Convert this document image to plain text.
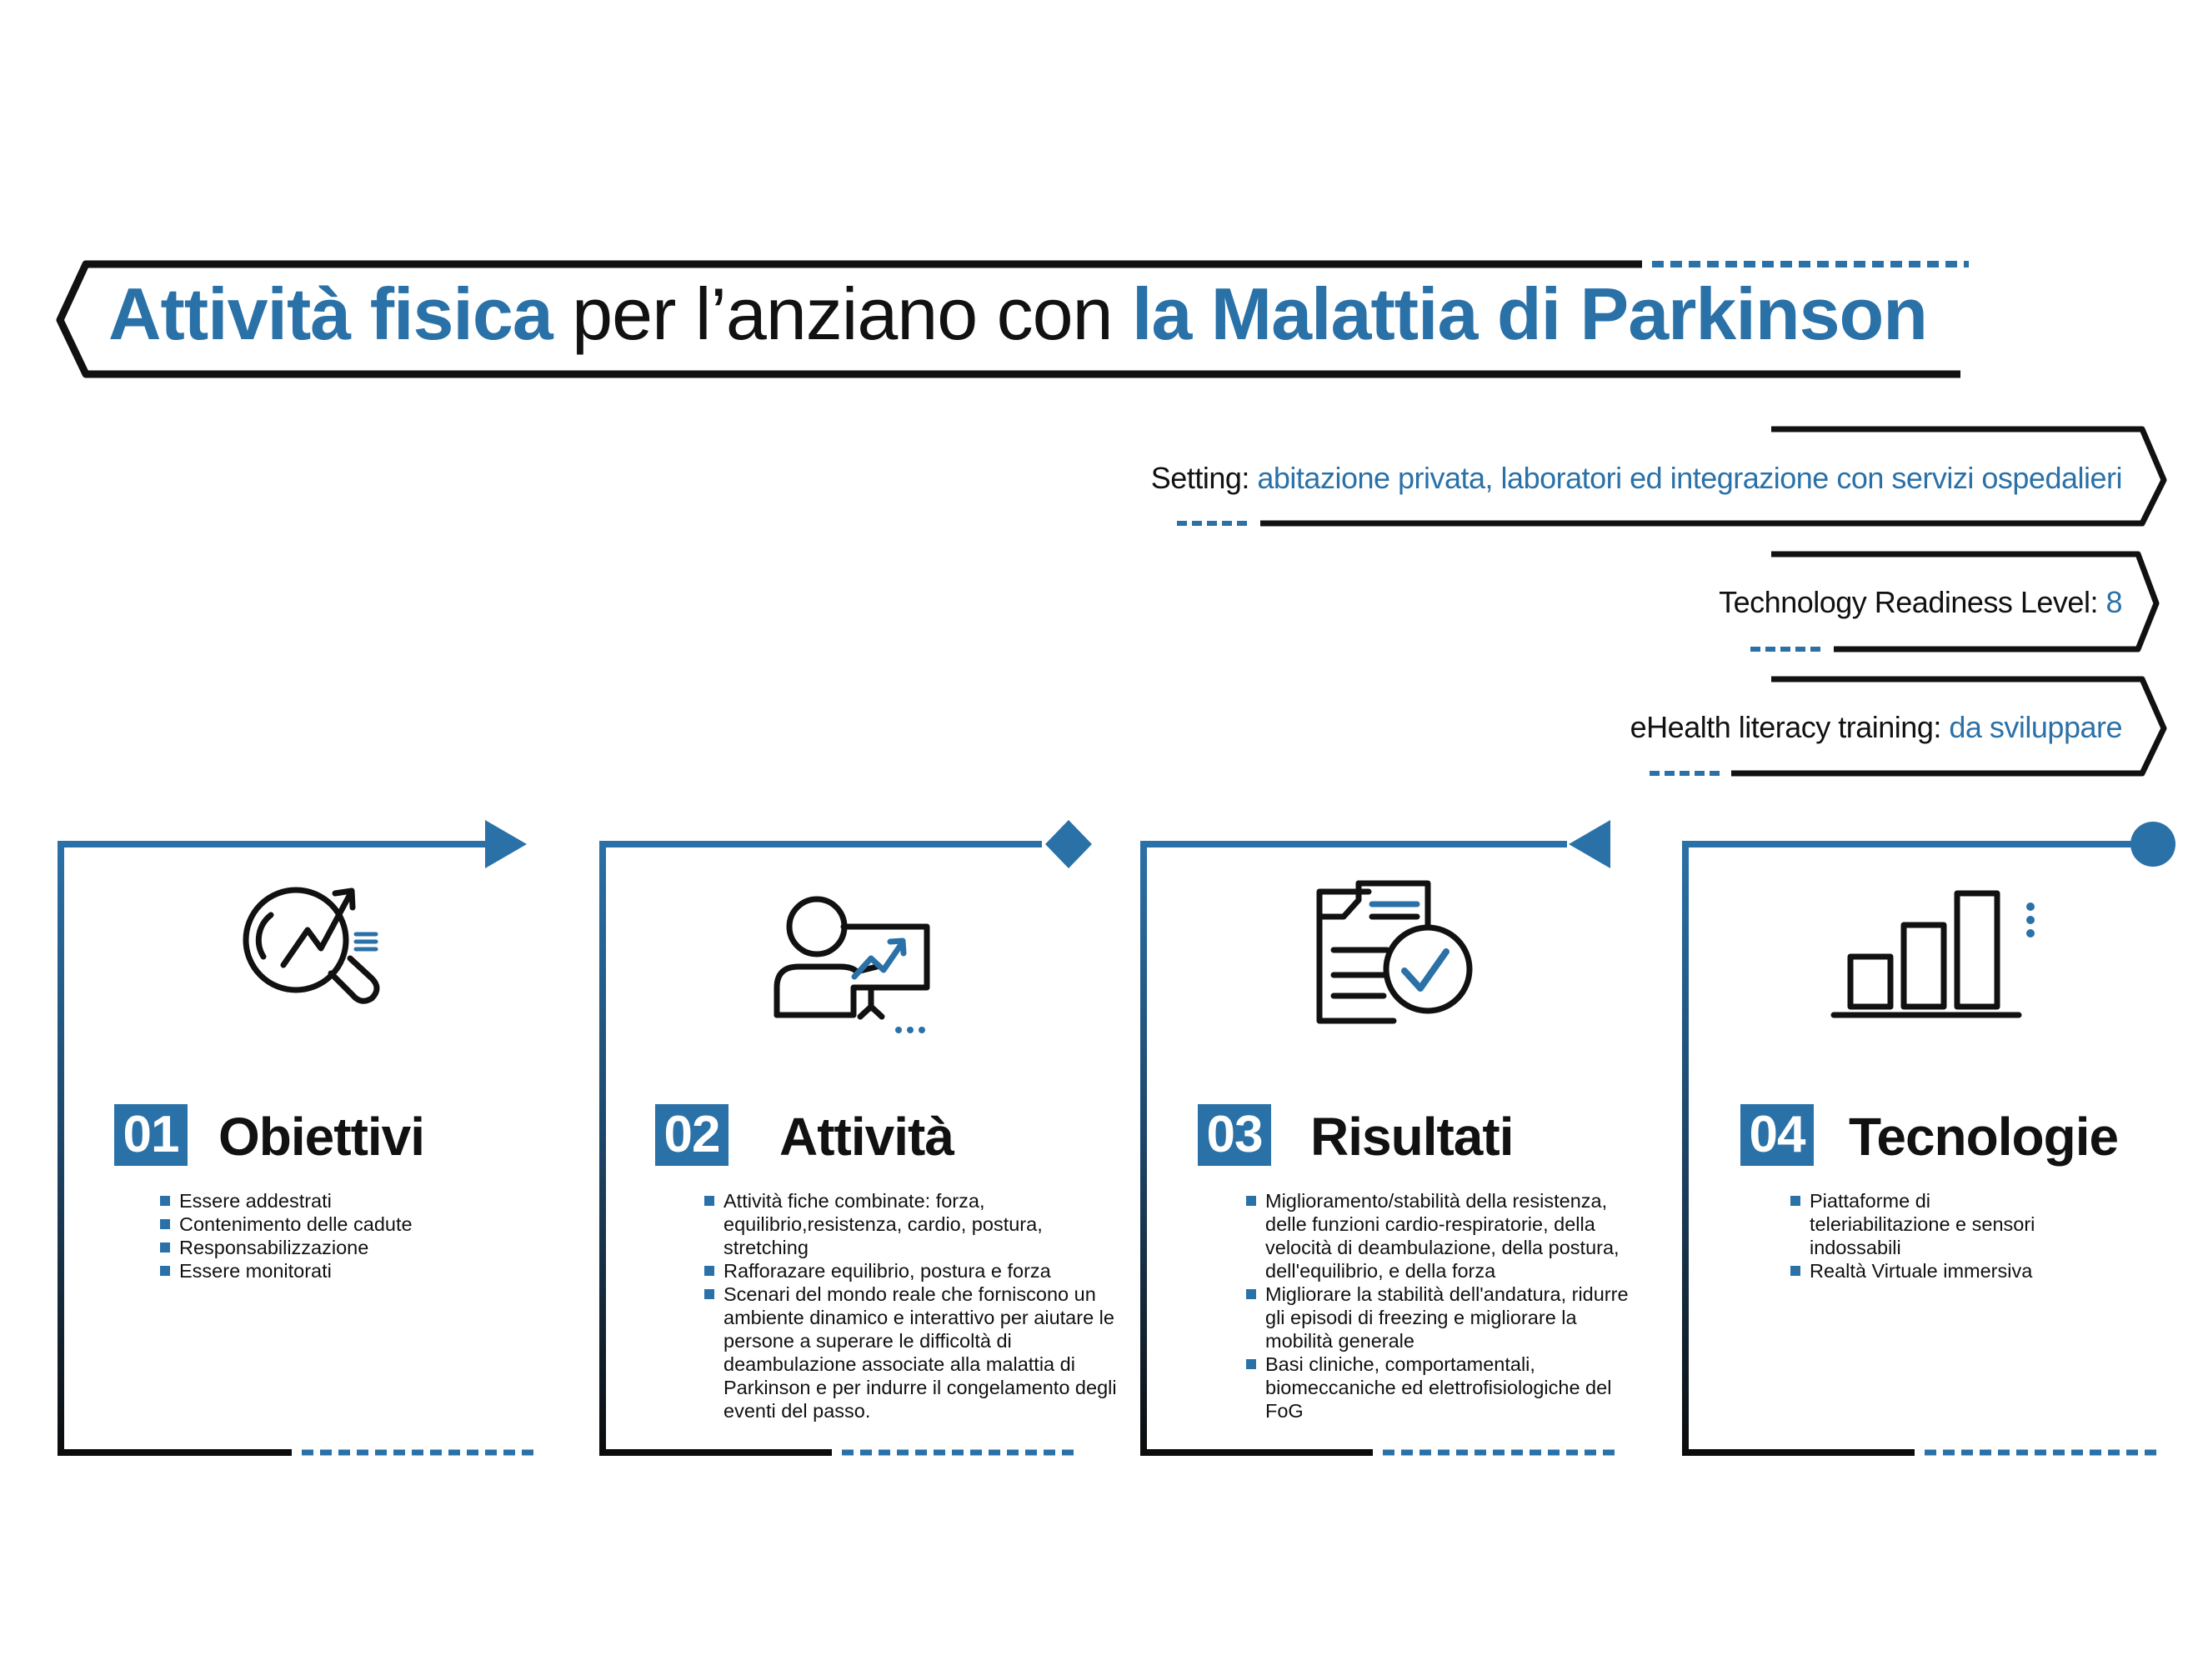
Attività fisica per l’anziano con la Malattia di Parkinson
Setting: abitazione privata, laboratori ed integrazione con servizi ospedalieri
Technology Readiness Level: 8
eHealth literacy training: da sviluppare
01 Obiettivi
Essere addestrati
Contenimento delle cadute
Responsabilizzazione
Essere monitorati
02 Attività
Attività fiche combinate: forza, equilibrio,resistenza, cardio, postura, stretching
Rafforazare equilibrio, postura e forza
Scenari del mondo reale che forniscono un ambiente dinamico e interattivo per aiutare le persone a superare le difficoltà di deambulazione associate alla malattia di Parkinson e per indurre il congelamento degli eventi del passo.
03 Risultati
Miglioramento/stabilità della resistenza, delle funzioni cardio-respiratorie, della velocità di deambulazione, della postura, dell'equilibrio, e della forza
Migliorare la stabilità dell'andatura, ridurre gli episodi di freezing e migliorare la mobilità generale
Basi cliniche, comportamentali, biomeccaniche ed elettrofisiologiche del FoG
04 Tecnologie
Piattaforme di teleriabilitazione e sensori indossabili
Realtà Virtuale immersiva
